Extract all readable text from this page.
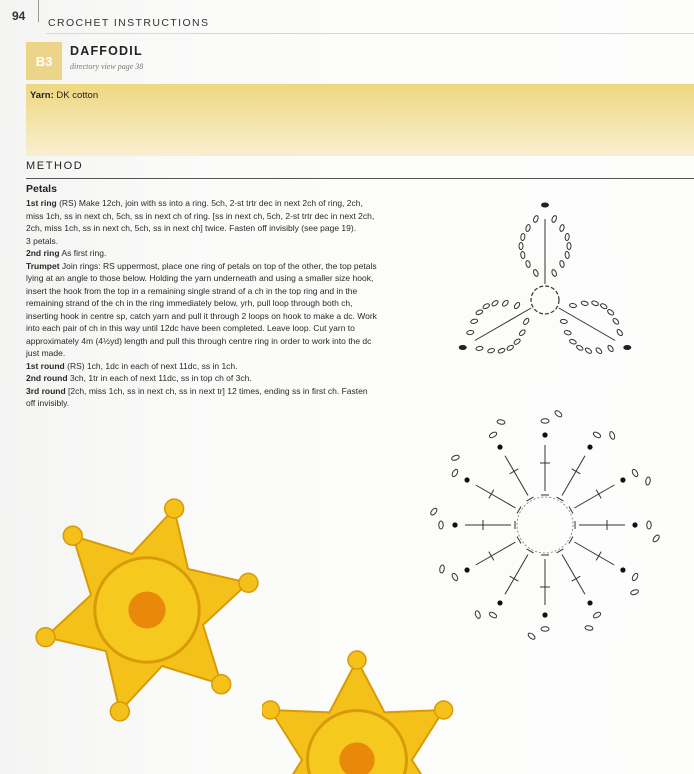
94 CROCHET INSTRUCTIONS
B3
DAFFODIL
directory view page 38
Yarn: DK cotton
METHOD
Petals

1st ring (RS) Make 12ch, join with ss into a ring. 5ch, 2-st trtr dec in next 2ch of ring, 2ch, miss 1ch, ss in next ch, 5ch, ss in next ch of ring. [ss in next ch, 5ch, 2-st trtr dec in next 2ch, 2ch, miss 1ch, ss in next ch, 5ch, ss in next ch] twice. Fasten off invisibly (see page 19).

3 petals.

2nd ring As first ring.

Trumpet Join rings: RS uppermost, place one ring of petals on top of the other, the top petals lying at an angle to those below. Holding the yarn underneath and using a smaller size hook, insert the hook from the top in a remaining single strand of a ch in the top ring and in the remaining strand of the ch in the ring immediately below, yrh, pull loop through both ch, inserting hook in centre sp, catch yarn and pull it through 2 loops on hook to make a dc. Work into each pair of ch in this way until 12dc have been completed. Leave loop. Cut yarn to approximately 4m (4½yd) length and pull this through centre ring in order to work into the dc just made.

1st round (RS) 1ch, 1dc in each of next 11dc, ss in 1ch.

2nd round 3ch, 1tr in each of next 11dc, ss in top ch of 3ch.

3rd round [2ch, miss 1ch, ss in next ch, ss in next tr] 12 times, ending ss in first ch. Fasten off invisibly.
